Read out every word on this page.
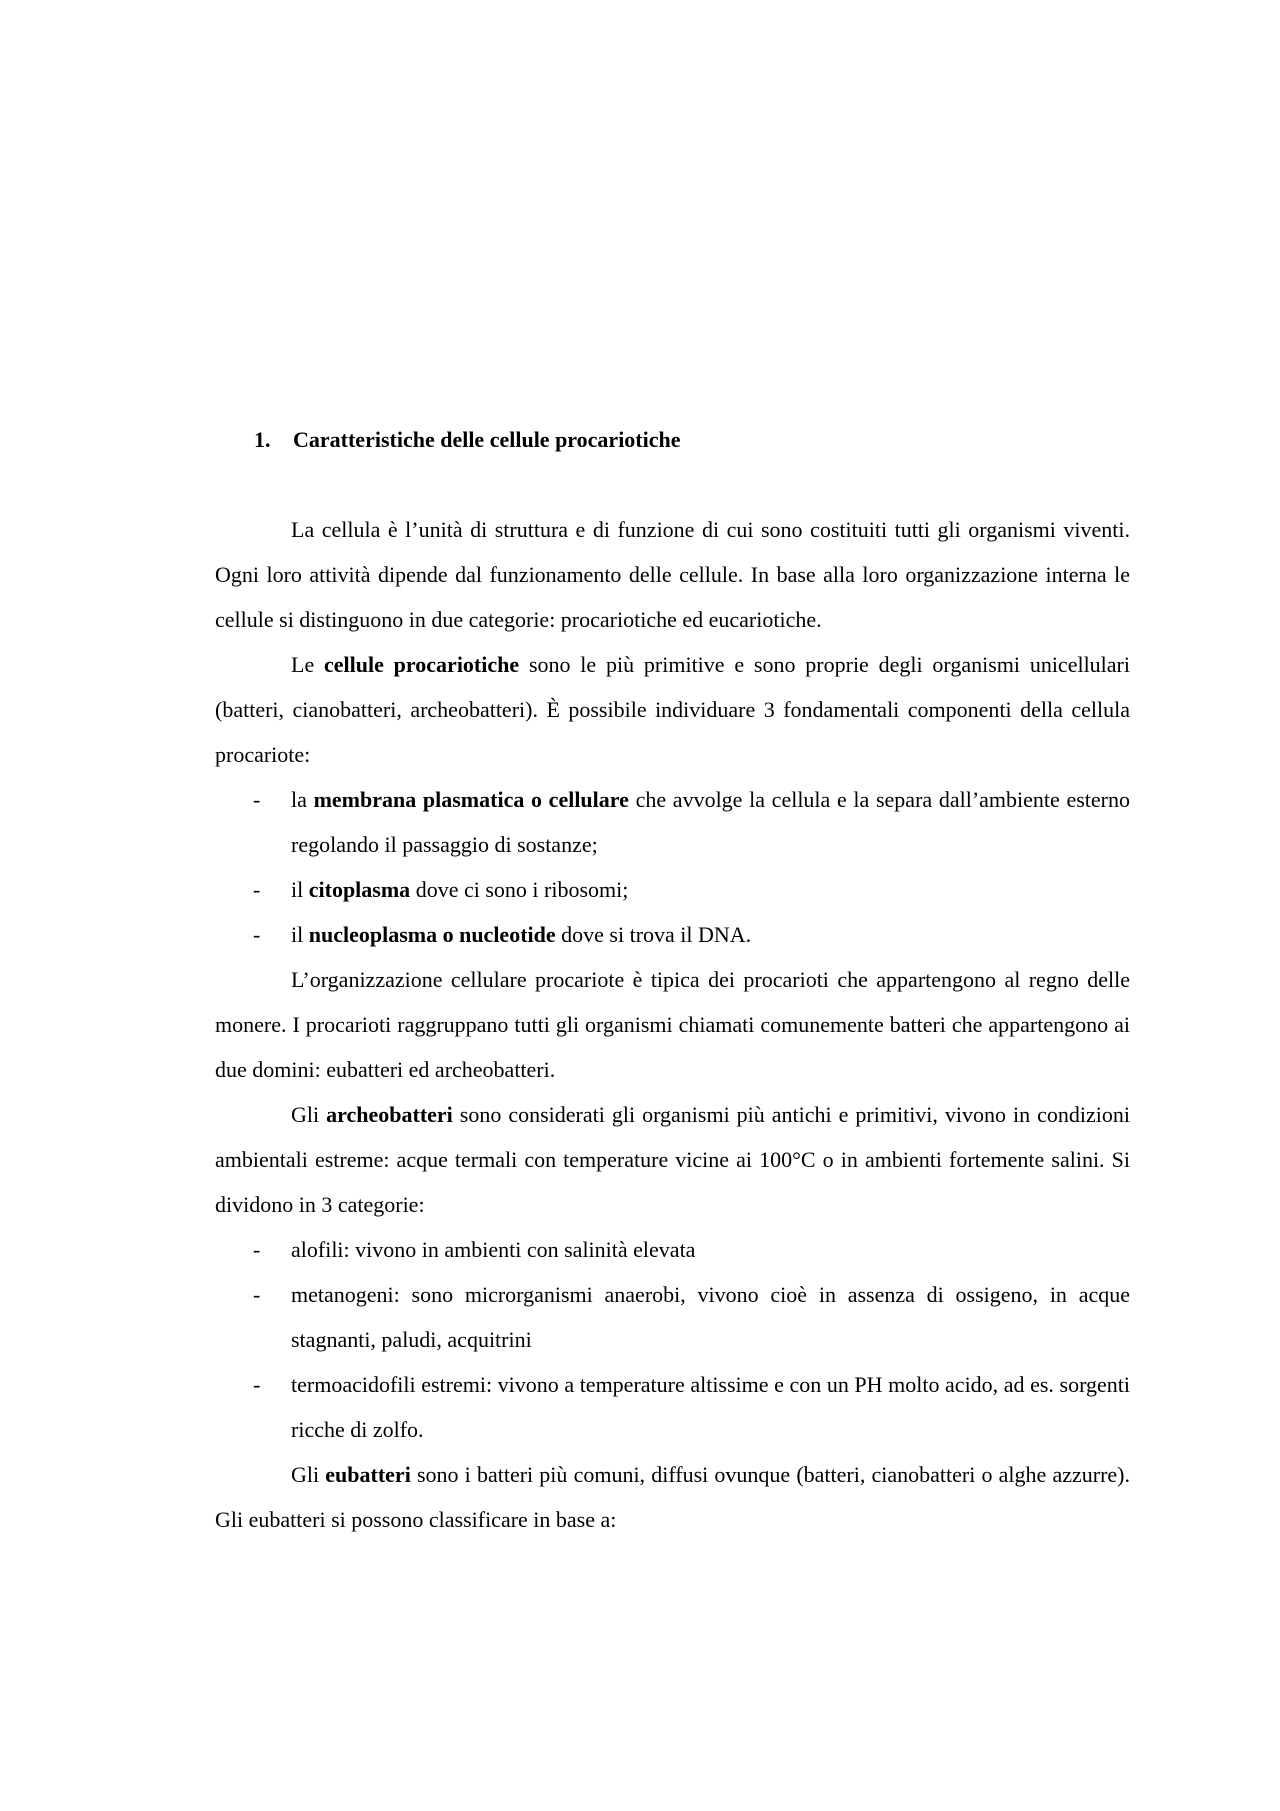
1.	Caratteristiche delle cellule procariotiche

La cellula è l’unità di struttura e di funzione di cui sono costituiti tutti gli organismi viventi. Ogni loro attività dipende dal funzionamento delle cellule. In base alla loro organizzazione interna le cellule si distinguono in due categorie: procariotiche ed eucariotiche.

Le cellule procariotiche sono le più primitive e sono proprie degli organismi unicellulari (batteri, cianobatteri, archeobatteri). È possibile individuare 3 fondamentali componenti della cellula procariote:

- la membrana plasmatica o cellulare che avvolge la cellula e la separa dall’ambiente esterno regolando il passaggio di sostanze;
- il citoplasma dove ci sono i ribosomi;
- il nucleoplasma o nucleotide dove si trova il DNA.

L’organizzazione cellulare procariote è tipica dei procarioti che appartengono al regno delle monere. I procarioti raggruppano tutti gli organismi chiamati comunemente batteri che appartengono ai due domini: eubatteri ed archeobatteri.

Gli archeobatteri sono considerati gli organismi più antichi e primitivi, vivono in condizioni ambientali estreme: acque termali con temperature vicine ai 100°C o in ambienti fortemente salini. Si dividono in 3 categorie:

- alofili: vivono in ambienti con salinità elevata
- metanogeni: sono microrganismi anaerobi, vivono cioè in assenza di ossigeno, in acque stagnanti, paludi, acquitrini
- termoacidofili estremi: vivono a temperature altissime e con un PH molto acido, ad es. sorgenti ricche di zolfo.

Gli eubatteri sono i batteri più comuni, diffusi ovunque (batteri, cianobatteri o alghe azzurre). Gli eubatteri si possono classificare in base a:
